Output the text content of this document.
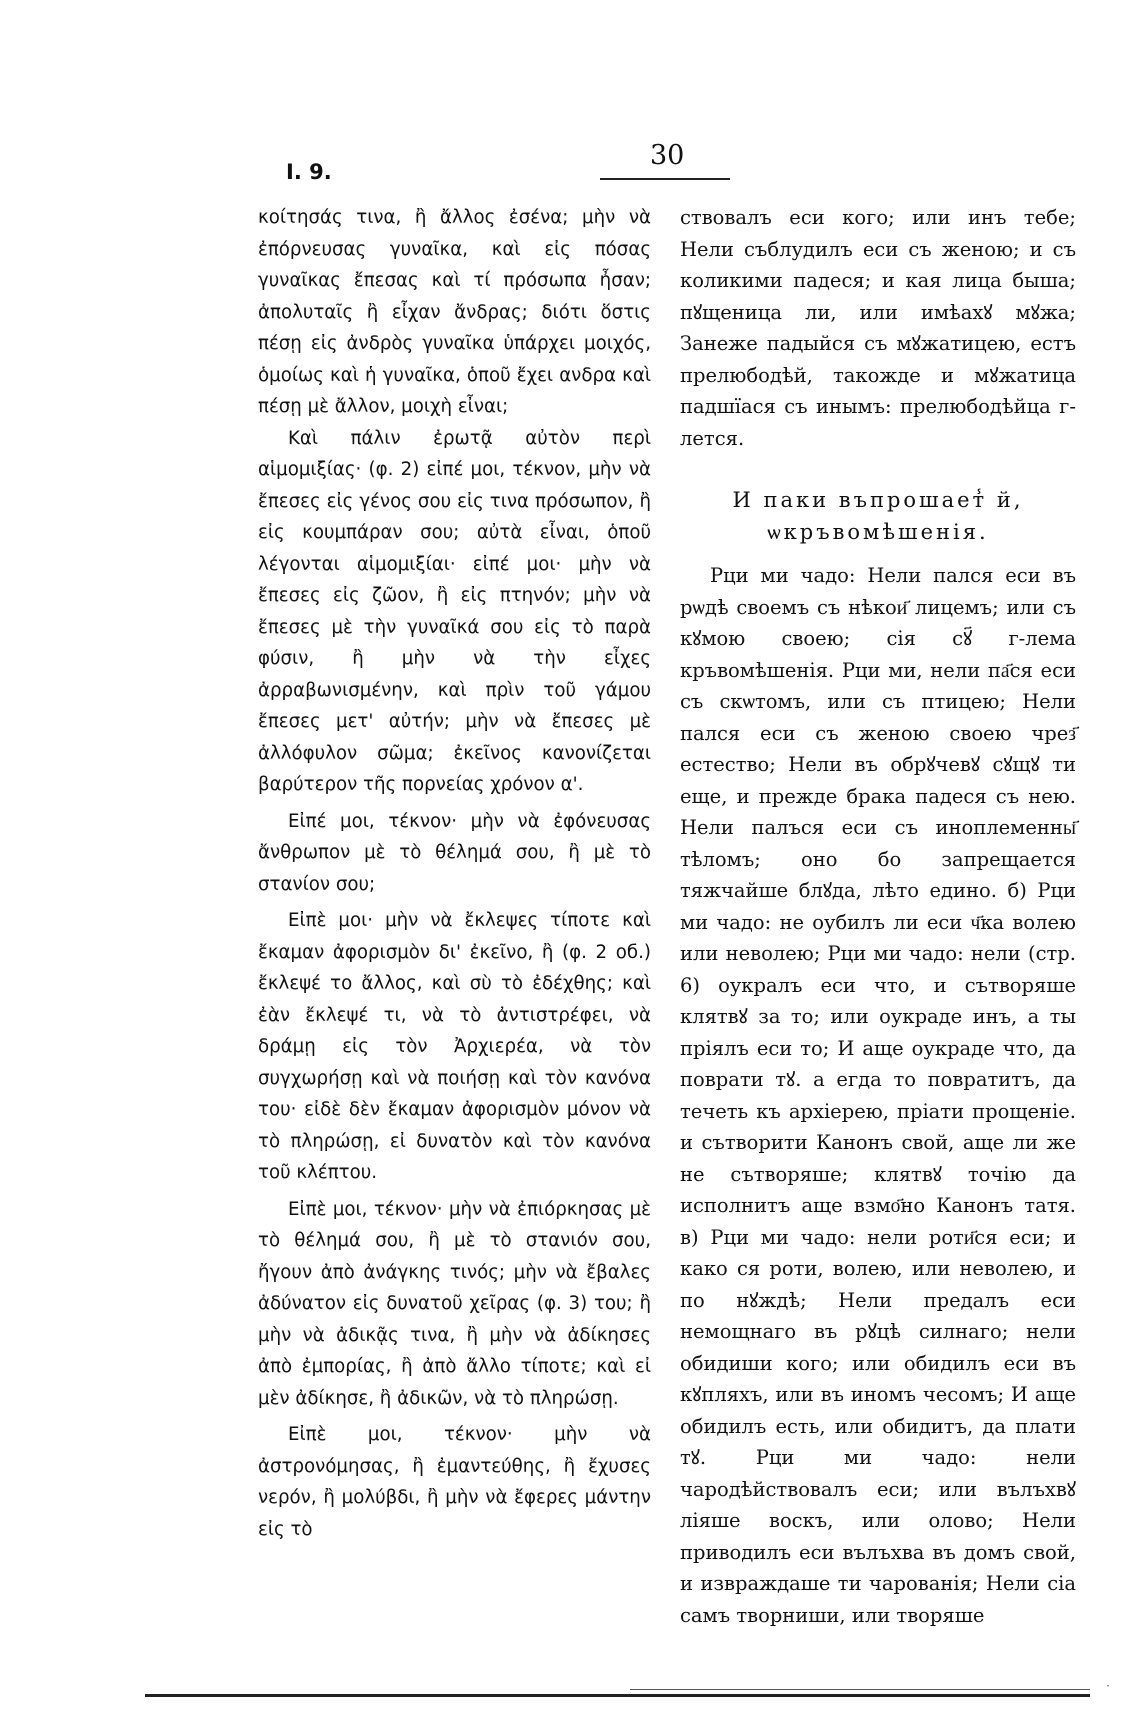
I. 9.
30

κοίτησάς τινα, ἢ ἄλλος ἐσένα; μὴν νὰ ἐπόρνευσας γυναῖκα, καὶ εἰς πόσας γυναῖκας ἔπεσας καὶ τί πρόσωπα ἦσαν; ἀπολυταῖς ἢ εἶχαν ἄνδρας; διότι ὅστις πέσῃ εἰς ἀνδρὸς γυναῖκα ὑπάρχει μοιχός, ὁμοίως καὶ ἡ γυναῖκα, ὁποῦ ἔχει ανδρα καὶ πέσῃ μὲ ἄλλον, μοιχὴ εἶναι;

Καὶ πάλιν ἐρωτᾷ αὐτὸν περὶ αἱμομιξίας· (φ. 2) εἰπέ μοι, τέκνον, μὴν νὰ ἔπεσες εἰς γένος σου εἰς τινα πρόσωπον, ἢ εἰς κουμπάραν σου; αὐτὰ εἶναι, ὁποῦ λέγονται αἱμομιξίαι· εἰπέ μοι· μὴν νὰ ἔπεσες εἰς ζῶον, ἢ εἰς πτηνόν; μὴν νὰ ἔπεσες μὲ τὴν γυναῖκά σου εἰς τὸ παρὰ φύσιν, ἢ μὴν νὰ τὴν εἶχες ἀρραβωνισμένην, καὶ πρὶν τοῦ γάμου ἔπεσες μετ' αὐτήν; μὴν νὰ ἔπεσες μὲ ἀλλόφυλον σῶμα; ἐκεῖνος κανονίζεται βαρύτερον τῆς πορνείας χρόνον α'.

Εἰπέ μοι, τέκνον· μὴν νὰ ἐφόνευσας ἄνθρωπον μὲ τὸ θέλημά σου, ἢ μὲ τὸ στανίον σου;

Εἰπὲ μοι· μὴν νὰ ἔκλεψες τίποτε καὶ ἔκαμαν ἀφορισμὸν δι' ἐκεῖνο, ἢ (φ. 2 οб.) ἔκλεψέ το ἄλλος, καὶ σὺ τὸ ἐδέχθης; καὶ ἐὰν ἔκλεψέ τι, νὰ τὸ ἀντιστρέφει, νὰ δράμῃ εἰς τὸν Ἀρχιερέα, νὰ τὸν συγχωρήσῃ καὶ νὰ ποιήσῃ καὶ τὸν κανόνα του· εἰδὲ δὲν ἔκαμαν ἀφορισμὸν μόνον νὰ τὸ πληρώσῃ, εἰ δυνατὸν καὶ τὸν κανόνα τοῦ κλέπτου.

Εἰπὲ μοι, τέκνον· μὴν νὰ ἐπιόρκησας μὲ τὸ θέλημά σου, ἢ μὲ τὸ στανιόν σου, ἤγουν ἀπὸ ἀνάγκης τινός; μὴν νὰ ἔβαλες ἀδύνατον εἰς δυνατοῦ χεῖρας (φ. 3) του; ἢ μὴν νὰ ἀδικᾷς τινα, ἢ μὴν νὰ ἀδίκησες ἀπὸ ἐμπορίας, ἢ ἀπὸ ἄλλο τίποτε; καὶ εἰ μὲν ἀδίκησε, ἢ ἀδικῶν, νὰ τὸ πληρώσῃ.

Εἰπὲ μοι, τέκνον· μὴν νὰ ἀστρονόμησας, ἢ ἐμαντεύθης, ἢ ἔχυσες νερόν, ἢ μολύβδι, ἢ μὴν νὰ ἔφερες μάντην εἰς τὸ

ствовалъ еси кого; или инъ тебе; Нели съблудилъ еси съ женою; и съ коликими падеся; и кая лица быша; пꙋщеница ли, или имѣахꙋ мꙋжа; Занеже падыйся съ мꙋжатицею, естъ прелюбодѣй, такожде и мꙋжатица падшїася съ инымъ: прелюбодѣйца г-лется.

И паки въпрошает̾ й, ѡкръвомѣшенія.

Рци ми чадо: Нели пался еси въ рѡдѣ своемъ съ нѣкои҃ лицемъ; или съ кꙋмою своею; сія сꙋ҃ г-лема кръвомѣшенія. Рци ми, нели па҃ся еси съ скѡтомъ, или съ птицею; Нели пался еси съ женою своею чрез҃ естество; Нели въ обрꙋчевꙋ сꙋщꙋ ти еще, и прежде брака падеся съ нею. Нели палъся еси съ иноплеменны҃ тѣломъ; оно бо запрещается тяжчайше блꙋда, лѣто едино. б) Рци ми чадо: не оубилъ ли еси ч҃ка волею или неволею; Рци ми чадо: нели (стр. 6) оукралъ еси что, и сътворяше клятвꙋ за то; или оукраде инъ, а ты прiялъ еси то; И аще оукраде что, да поврати тꙋ. а егда то повратитъ, да течеть къ архiерею, прiати прощенiе. и сътворити Канонъ свой, аще ли же не сътворяше; клятвꙋ точiю да исполнитъ аще взмо҃но Канонъ татя. в) Рци ми чадо: нели роти҃ся еси; и како ся роти, волею, или неволею, и по нꙋждѣ; Нели предалъ еси немощнаго въ рꙋцѣ силнаго; нели обидиши кого; или обидилъ еси въ кꙋпляхъ, или въ иномъ чесомъ; И аще обидилъ есть, или обидитъ, да плати тꙋ. Рци ми чадо: нели чародѣйствовалъ еси; или вълъхвꙋ лiяше воскъ, или олово; Нели приводилъ еси вълъхва въ домъ свой, и извраждаше ти чарованiя; Нели сiа самъ творниши, или творяше
